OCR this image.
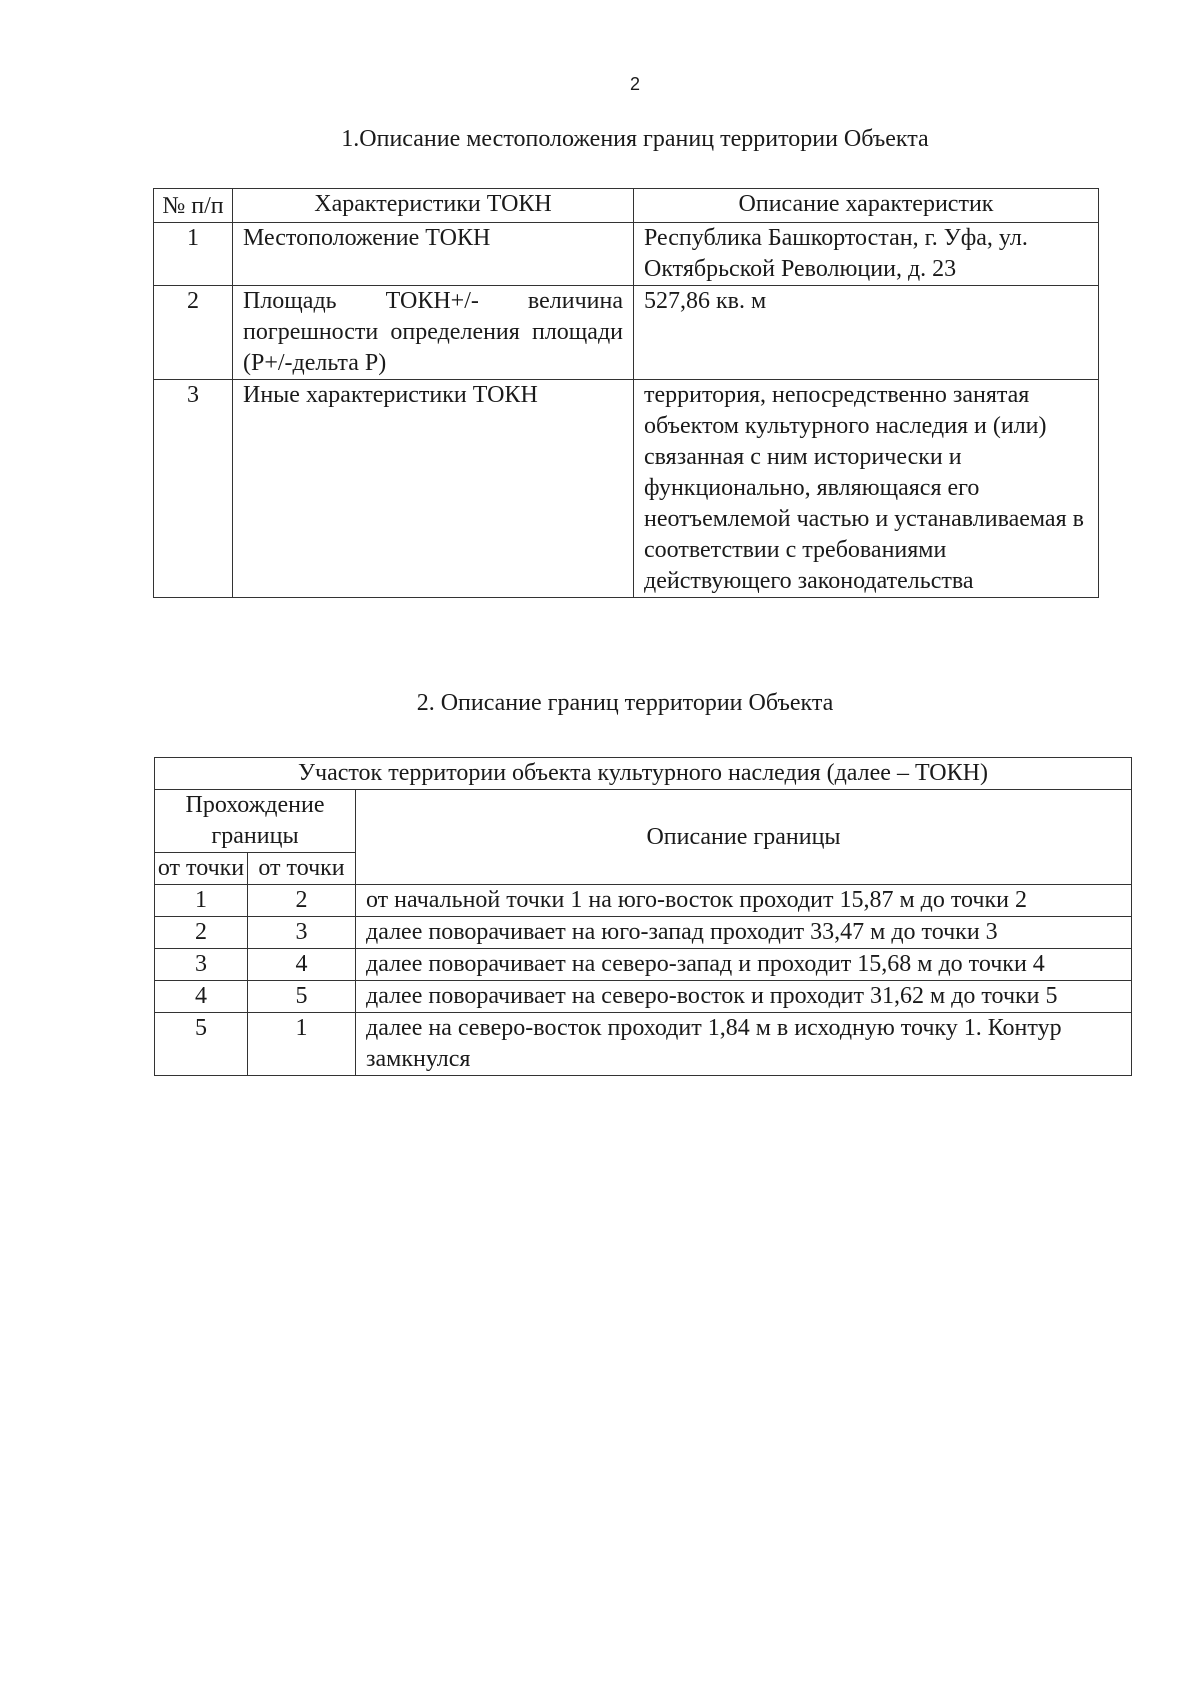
2
1.Описание местоположения границ территории Объекта
№ п/п	Характеристики ТОКН	Описание характеристик
1	Местоположение ТОКН	Республика Башкортостан, г. Уфа, ул. Октябрьской Революции, д. 23
2	Площадь ТОКН+/- величина погрешности определения площади (Р+/-дельта Р)	527,86 кв. м
3	Иные характеристики ТОКН	территория, непосредственно занятая объектом культурного наследия и (или) связанная с ним исторически и функционально, являющаяся его неотъемлемой частью и устанавливаемая в соответствии с требованиями действующего законодательства
2. Описание границ территории Объекта
Участок территории объекта культурного наследия (далее – ТОКН)		
Прохождение границы		Описание границы
от точки	от точки	
1	2	от начальной точки 1 на юго-восток проходит 15,87 м до точки 2
2	3	далее поворачивает на юго-запад проходит 33,47 м до точки 3
3	4	далее поворачивает на северо-запад и проходит 15,68 м до точки 4
4	5	далее поворачивает на северо-восток и проходит 31,62 м до точки 5
5	1	далее на северо-восток проходит 1,84 м в исходную точку 1. Контур замкнулся
